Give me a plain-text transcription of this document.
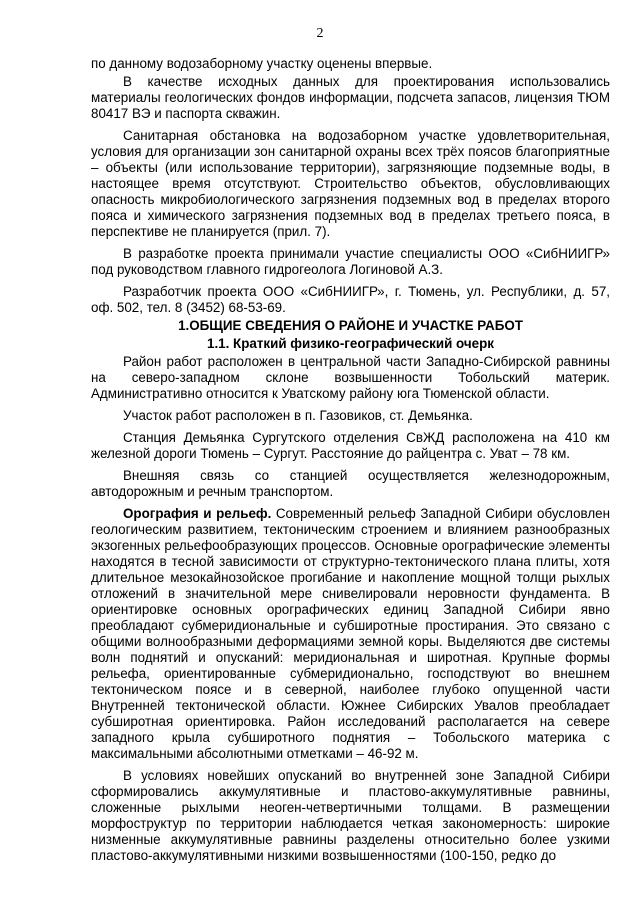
2

по данному водозаборному участку оценены впервые.

В качестве исходных данных для проектирования использовались материалы геологических фондов информации, подсчета запасов, лицензия ТЮМ 80417 ВЭ и паспорта скважин.

Санитарная обстановка на водозаборном участке удовлетворительная, условия для организации зон санитарной охраны всех трёх поясов благоприятные – объекты (или использование территории), загрязняющие подземные воды, в настоящее время отсутствуют. Строительство объектов, обусловливающих опасность микробиологического загрязнения подземных вод в пределах второго пояса и химического загрязнения подземных вод в пределах третьего пояса, в перспективе не планируется (прил. 7).

В разработке проекта принимали участие специалисты ООО «СибНИИГР» под руководством главного гидрогеолога Логиновой А.З.

Разработчик проекта ООО «СибНИИГР», г. Тюмень, ул. Республики, д. 57, оф. 502, тел. 8 (3452) 68-53-69.

1.ОБЩИЕ СВЕДЕНИЯ О РАЙОНЕ И УЧАСТКЕ РАБОТ
1.1. Краткий физико-географический очерк

Район работ расположен в центральной части Западно-Сибирской равнины на северо-западном склоне возвышенности Тобольский материк. Административно относится к Уватскому району юга Тюменской области.

Участок работ расположен в п. Газовиков, ст. Демьянка.

Станция Демьянка Сургутского отделения СвЖД расположена на 410 км железной дороги Тюмень – Сургут. Расстояние до райцентра с. Уват – 78 км.

Внешняя связь со станцией осуществляется железнодорожным, автодорожным и речным транспортом.

Орография и рельеф. Современный рельеф Западной Сибири обусловлен геологическим развитием, тектоническим строением и влиянием разнообразных экзогенных рельефообразующих процессов. Основные орографические элементы находятся в тесной зависимости от структурно-тектонического плана плиты, хотя длительное мезокайнозойское прогибание и накопление мощной толщи рыхлых отложений в значительной мере снивелировали неровности фундамента. В ориентировке основных орографических единиц Западной Сибири явно преобладают субмеридиональные и субширотные простирания. Это связано с общими волнообразными деформациями земной коры. Выделяются две системы волн поднятий и опусканий: меридиональная и широтная. Крупные формы рельефа, ориентированные субмеридионально, господствуют во внешнем тектоническом поясе и в северной, наиболее глубоко опущенной части Внутренней тектонической области. Южнее Сибирских Увалов преобладает субширотная ориентировка. Район исследований располагается на севере западного крыла субширотного поднятия – Тобольского материка с максимальными абсолютными отметками – 46-92 м.

В условиях новейших опусканий во внутренней зоне Западной Сибири сформировались аккумулятивные и пластово-аккумулятивные равнины, сложенные рыхлыми неоген-четвертичными толщами. В размещении морфоструктур по территории наблюдается четкая закономерность: широкие низменные аккумулятивные равнины разделены относительно более узкими пластово-аккумулятивными низкими возвышенностями (100-150, редко до
